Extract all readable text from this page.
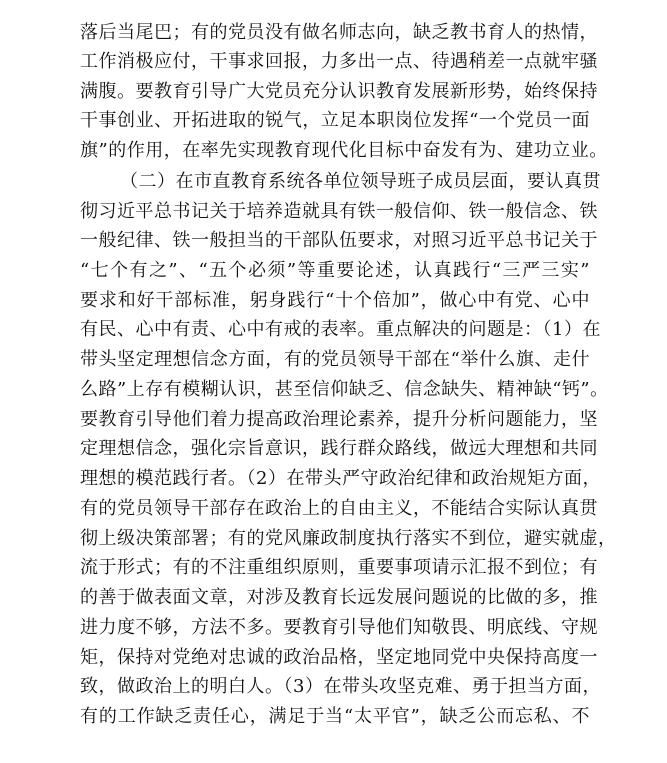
落后当尾巴；有的党员没有做名师志向，缺乏教书育人的热情，
工作消极应付，干事求回报，力多出一点、待遇稍差一点就牢骚
满腹。要教育引导广大党员充分认识教育发展新形势，始终保持
干事创业、开拓进取的锐气，立足本职岗位发挥“一个党员一面
旗”的作用，在率先实现教育现代化目标中奋发有为、建功立业。
（二）在市直教育系统各单位领导班子成员层面，要认真贯
彻习近平总书记关于培养造就具有铁一般信仰、铁一般信念、铁
一般纪律、铁一般担当的干部队伍要求，对照习近平总书记关于
“七个有之”、“五个必须”等重要论述，认真践行“三严三实”
要求和好干部标准，躬身践行“十个倍加”，做心中有党、心中
有民、心中有责、心中有戒的表率。重点解决的问题是：（1）在
带头坚定理想信念方面，有的党员领导干部在“举什么旗、走什
么路”上存有模糊认识，甚至信仰缺乏、信念缺失、精神缺“钙”。
要教育引导他们着力提高政治理论素养，提升分析问题能力，坚
定理想信念，强化宗旨意识，践行群众路线，做远大理想和共同
理想的模范践行者。（2）在带头严守政治纪律和政治规矩方面，
有的党员领导干部存在政治上的自由主义，不能结合实际认真贯
彻上级决策部署；有的党风廉政制度执行落实不到位，避实就虚，
流于形式；有的不注重组织原则，重要事项请示汇报不到位；有
的善于做表面文章，对涉及教育长远发展问题说的比做的多，推
进力度不够，方法不多。要教育引导他们知敬畏、明底线、守规
矩，保持对党绝对忠诚的政治品格，坚定地同党中央保持高度一
致，做政治上的明白人。（3）在带头攻坚克难、勇于担当方面，
有的工作缺乏责任心，满足于当“太平官”，缺乏公而忘私、不
